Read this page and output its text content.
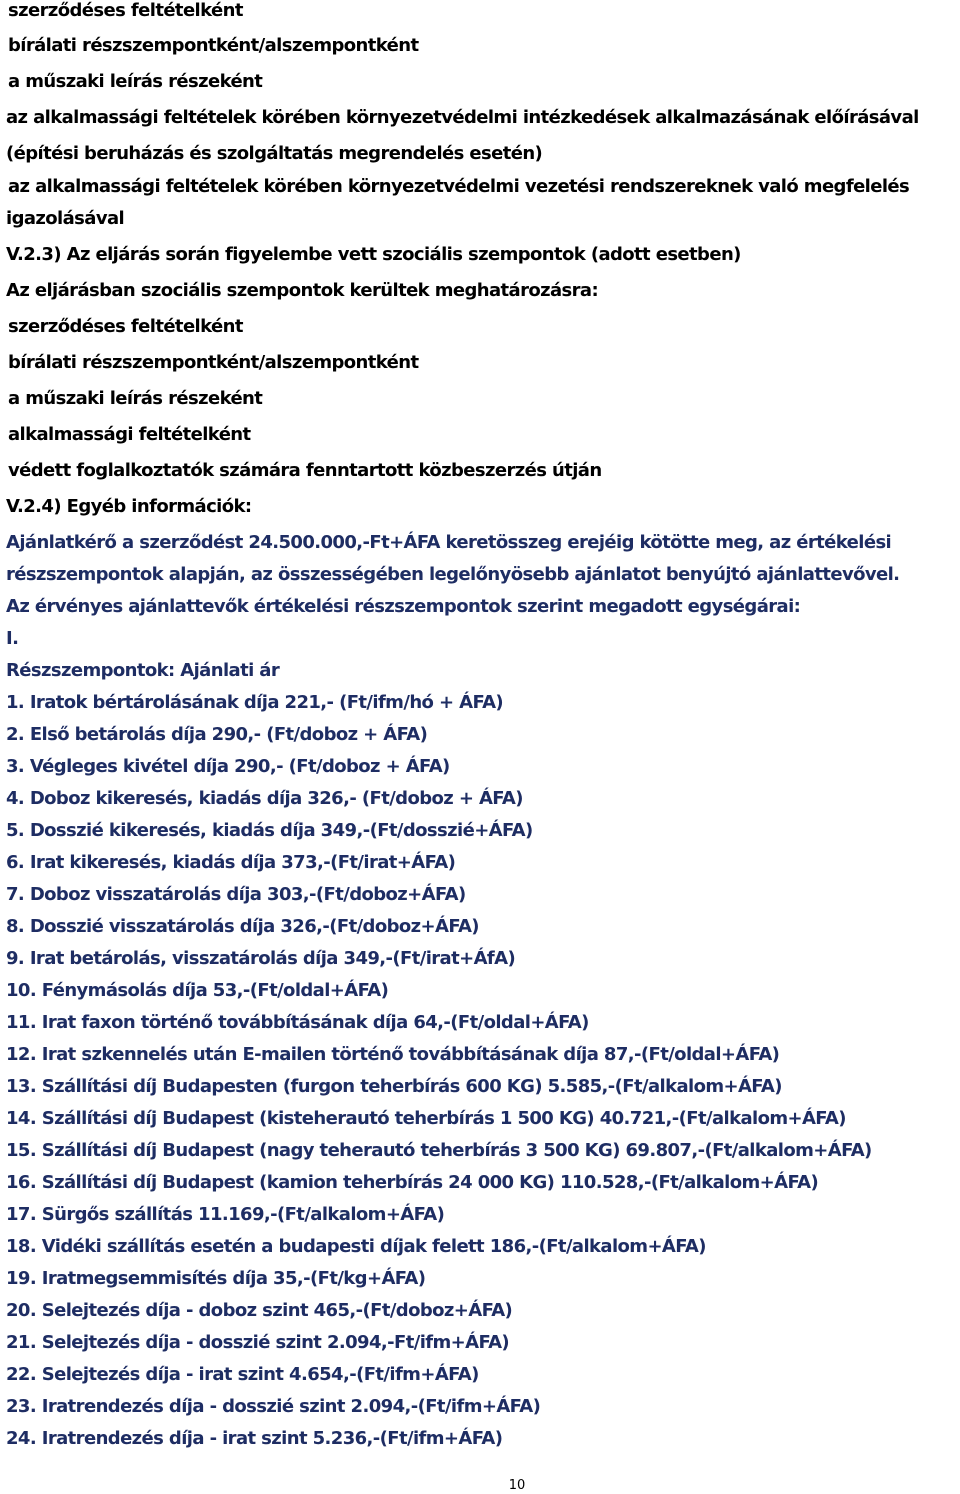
szerződéses feltételként
bírálati részszempontként/alszempontként
a műszaki leírás részeként
az alkalmassági feltételek körében környezetvédelmi intézkedések alkalmazásának előírásával
(építési beruházás és szolgáltatás megrendelés esetén)
az alkalmassági feltételek körében környezetvédelmi vezetési rendszereknek való megfelelés
igazolásával
V.2.3) Az eljárás során figyelembe vett szociális szempontok (adott esetben)
Az eljárásban szociális szempontok kerültek meghatározásra:
szerződéses feltételként
bírálati részszempontként/alszempontként
a műszaki leírás részeként
alkalmassági feltételként
védett foglalkoztatók számára fenntartott közbeszerzés útján
V.2.4) Egyéb információk:
Ajánlatkérő a szerződést 24.500.000,-Ft+ÁFA keretösszeg erejéig kötötte meg, az értékelési
részszempontok alapján, az összességében legelőnyösebb ajánlatot benyújtó ajánlattevővel.
Az érvényes ajánlattevők értékelési részszempontok szerint megadott egységárai:
I.
Részszempontok: Ajánlati ár
1. Iratok bértárolásának díja 221,- (Ft/ifm/hó + ÁFA)
2. Első betárolás díja 290,- (Ft/doboz + ÁFA)
3. Végleges kivétel díja 290,- (Ft/doboz + ÁFA)
4. Doboz kikeresés, kiadás díja 326,- (Ft/doboz + ÁFA)
5. Dosszié kikeresés, kiadás díja 349,-(Ft/dosszié+ÁFA)
6. Irat kikeresés, kiadás díja 373,-(Ft/irat+ÁFA)
7. Doboz visszatárolás díja 303,-(Ft/doboz+ÁFA)
8. Dosszié visszatárolás díja 326,-(Ft/doboz+ÁFA)
9. Irat betárolás, visszatárolás díja 349,-(Ft/irat+ÁfA)
10. Fénymásolás díja 53,-(Ft/oldal+ÁFA)
11. Irat faxon történő továbbításának díja 64,-(Ft/oldal+ÁFA)
12. Irat szkennelés után E-mailen történő továbbításának díja 87,-(Ft/oldal+ÁFA)
13. Szállítási díj Budapesten (furgon teherbírás 600 KG) 5.585,-(Ft/alkalom+ÁFA)
14. Szállítási díj Budapest (kisteherautó teherbírás 1 500 KG) 40.721,-(Ft/alkalom+ÁFA)
15. Szállítási díj Budapest (nagy teherautó teherbírás 3 500 KG) 69.807,-(Ft/alkalom+ÁFA)
16. Szállítási díj Budapest (kamion teherbírás 24 000 KG) 110.528,-(Ft/alkalom+ÁFA)
17. Sürgős szállítás 11.169,-(Ft/alkalom+ÁFA)
18. Vidéki szállítás esetén a budapesti díjak felett 186,-(Ft/alkalom+ÁFA)
19. Iratmegsemmisítés díja 35,-(Ft/kg+ÁFA)
20. Selejtezés díja - doboz szint 465,-(Ft/doboz+ÁFA)
21. Selejtezés díja - dosszié szint 2.094,-Ft/ifm+ÁFA)
22. Selejtezés díja - irat szint 4.654,-(Ft/ifm+ÁFA)
23. Iratrendezés díja - dosszié szint 2.094,-(Ft/ifm+ÁFA)
24. Iratrendezés díja - irat szint 5.236,-(Ft/ifm+ÁFA)
10
